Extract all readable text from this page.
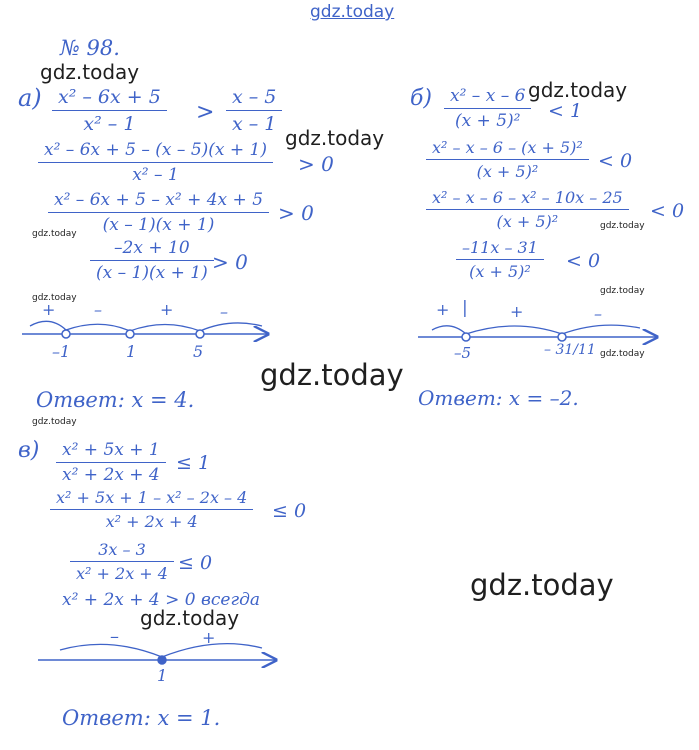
gdz.today
№ 98.
а) x² – 6x + 5
x² – 1	>
x – 5
x – 1
x² – 6x + 5 – (x – 5)(x + 1)
x² – 1	> 0
x² – 6x + 5 – x² + 4x + 5
(x – 1)(x + 1)	> 0
–2x + 10
(x – 1)(x + 1) > 0
+ –	+	–
–1	1	5
Ответ: x = 4.
б)	x² – x – 6
(x + 5)²	< 1
x² – x – 6 – (x + 5)²
(x + 5)²	< 0
x² – x – 6 – x² – 10x – 25
(x + 5)²	< 0
–11x – 31
(x + 5)²	< 0
+ |	+	–
–5	– 31/11
Ответ: x = –2.
в)	x² + 5x + 1
x² + 2x + 4
≤ 1
x² + 5x + 1 – x² – 2x – 4
x² + 2x + 4	≤ 0
3x – 3
x² + 2x + 4 ≤ 0
x² + 2x + 4 > 0 всегда
–	+
1
Ответ: x = 1.
gdz.today
gdz.today
gdz.today
gdz.today
gdz.today
gdz.today
gdz.today
gdz.today
gdz.today
gdz.today
gdz.today
gdz.today
